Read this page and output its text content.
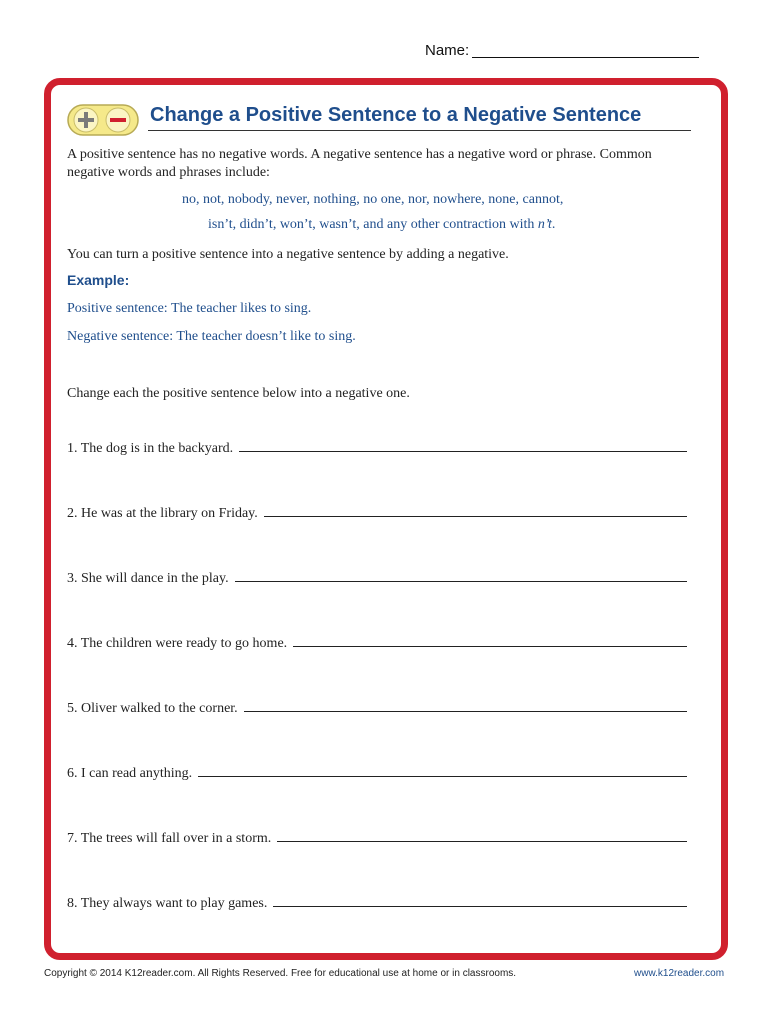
Name:
Change a Positive Sentence to a Negative Sentence
A positive sentence has no negative words. A negative sentence has a negative word or phrase. Common negative words and phrases include:
no, not, nobody, never, nothing, no one, nor, nowhere, none, cannot,
isn’t, didn’t, won’t, wasn’t, and any other contraction with n’t.
You can turn a positive sentence into a negative sentence by adding a negative.
Example:
Positive sentence: The teacher likes to sing.
Negative sentence: The teacher doesn’t like to sing.
Change each the positive sentence below into a negative one.
1. The dog is in the backyard.
2. He was at the library on Friday.
3. She will dance in the play.
4. The children were ready to go home.
5. Oliver walked to the corner.
6. I can read anything.
7. The trees will fall over in a storm.
8. They always want to play games.
Copyright © 2014 K12reader.com. All Rights Reserved. Free for educational use at home or in classrooms.	www.k12reader.com
